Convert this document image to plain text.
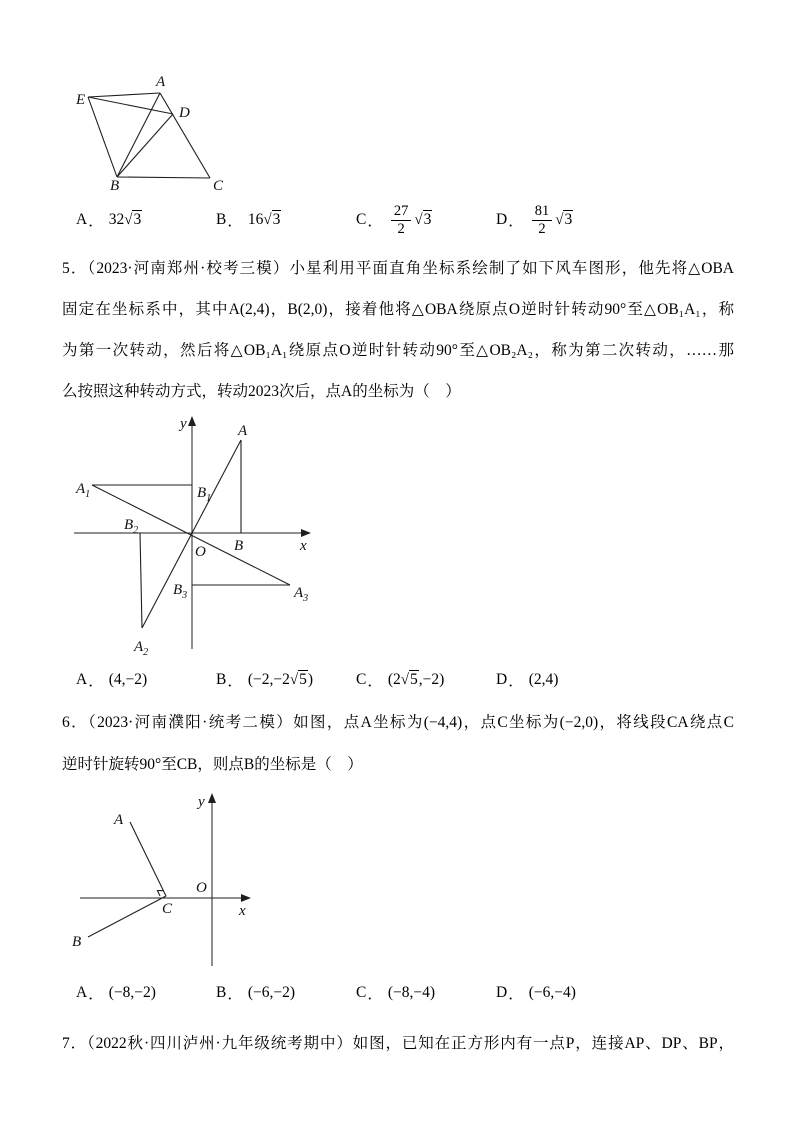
E
A
D
B	C
A ． 32 √3	B ． 16 √3	C ． $\frac{27}{2} √3$	D ． $\frac{81}{2} √3$
5．（2023·河南郑州·校考三模）小星利用平面直角坐标系绘制了如下风车图形，他先将△OBA
固定在坐标系中，其中A(2,4)，B(2,0)，接着他将△OBA绕原点O逆时针转动90°至△OB₁A₁，称
为第一次转动，然后将△OB₁A₁绕原点O逆时针转动90°至△OB₂A₂，称为第二次转动，……那
么按照这种转动方式，转动2023次后，点A的坐标为（　）
y
x
O
A
B
$A_1$	$B_1$
$B_2$
$A_2$
$B_3$	$A_3$
A ． (4,−2)	B ． (−2,−2 √5 )	C ． (2 √5 ,−2)	D ． (2,4)
6．（2023·河南濮阳·统考二模）如图，点A坐标为(−4,4)，点C坐标为(−2,0)，将线段CA绕点C
逆时针旋转90°至CB，则点B的坐标是（　）
y
x
O
A
B
C
A ． (−8,−2)	B ． (−6,−2)	C ． (−8,−4)	D ． (−6,−4)
7．（2022秋·四川泸州·九年级统考期中）如图，已知在正方形内有一点P，连接AP、DP、BP，
